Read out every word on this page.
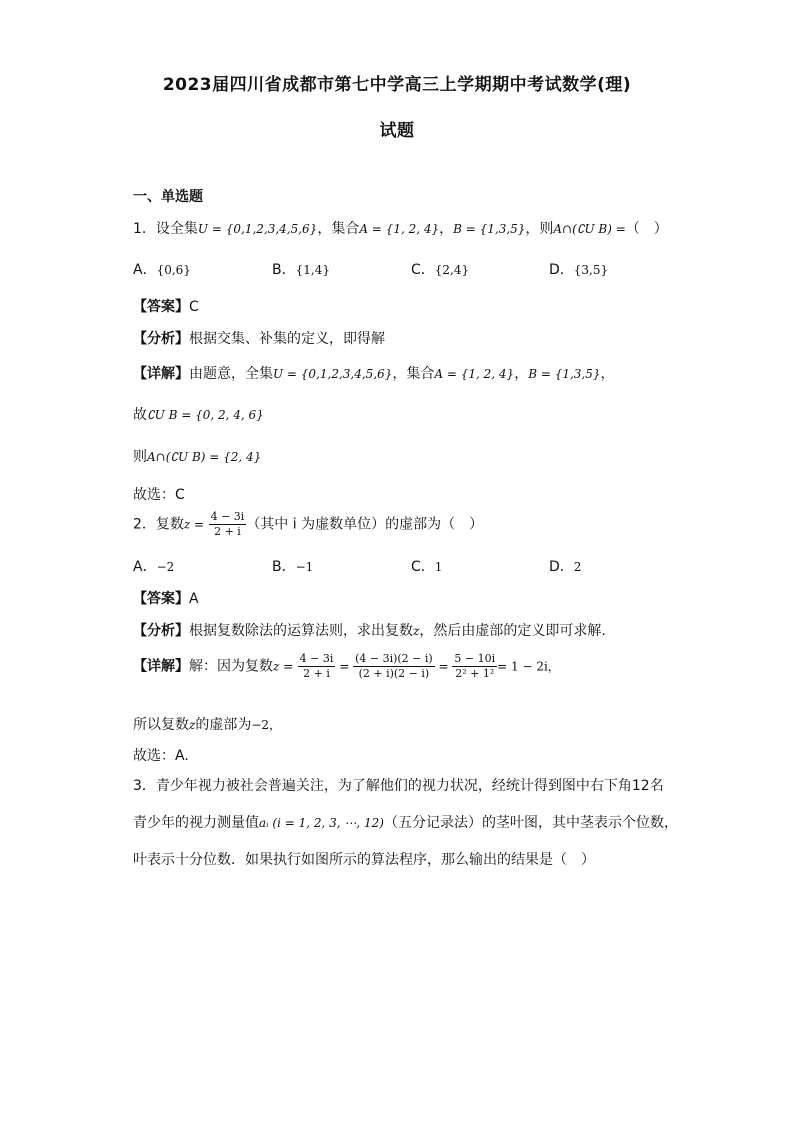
2023届四川省成都市第七中学高三上学期期中考试数学(理)
试题
一、单选题
1．设全集U = {0,1,2,3,4,5,6}，集合A = {1, 2, 4}，B = {1,3,5}，则A∩(∁U B) =（　）
A．{0,6}	B．{1,4}	C．{2,4}	D．{3,5}
【答案】C
【分析】根据交集、补集的定义，即得解
【详解】由题意，全集U = {0,1,2,3,4,5,6}，集合A = {1, 2, 4}，B = {1,3,5}，
故∁U B = {0, 2, 4, 6}
则A∩(∁U B) = {2, 4}
故选：C
2．复数$z = \frac{4 - 3i}{2 + i}$ （其中 i 为虚数单位）的虚部为（　）
A．−2	B．−1	C．1	D．2
【答案】A
【分析】根据复数除法的运算法则，求出复数z，然后由虚部的定义即可求解.
【详解】解：因为复数$z = \frac{4 - 3i}{2 + i} = \frac{(4 - 3i)(2 - i)}{(2 + i)(2 - i)} = \frac{5 - 10i}{\text{2² + 1²}} = 1 - 2i$，
所以复数z的虚部为−2，
故选：A.
3．青少年视力被社会普遍关注，为了解他们的视力状况，经统计得到图中右下角12名
青少年的视力测量值aᵢ (i = 1, 2, 3, ⋯, 12)（五分记录法）的茎叶图，其中茎表示个位数，
叶表示十分位数．如果执行如图所示的算法程序，那么输出的结果是（　）
